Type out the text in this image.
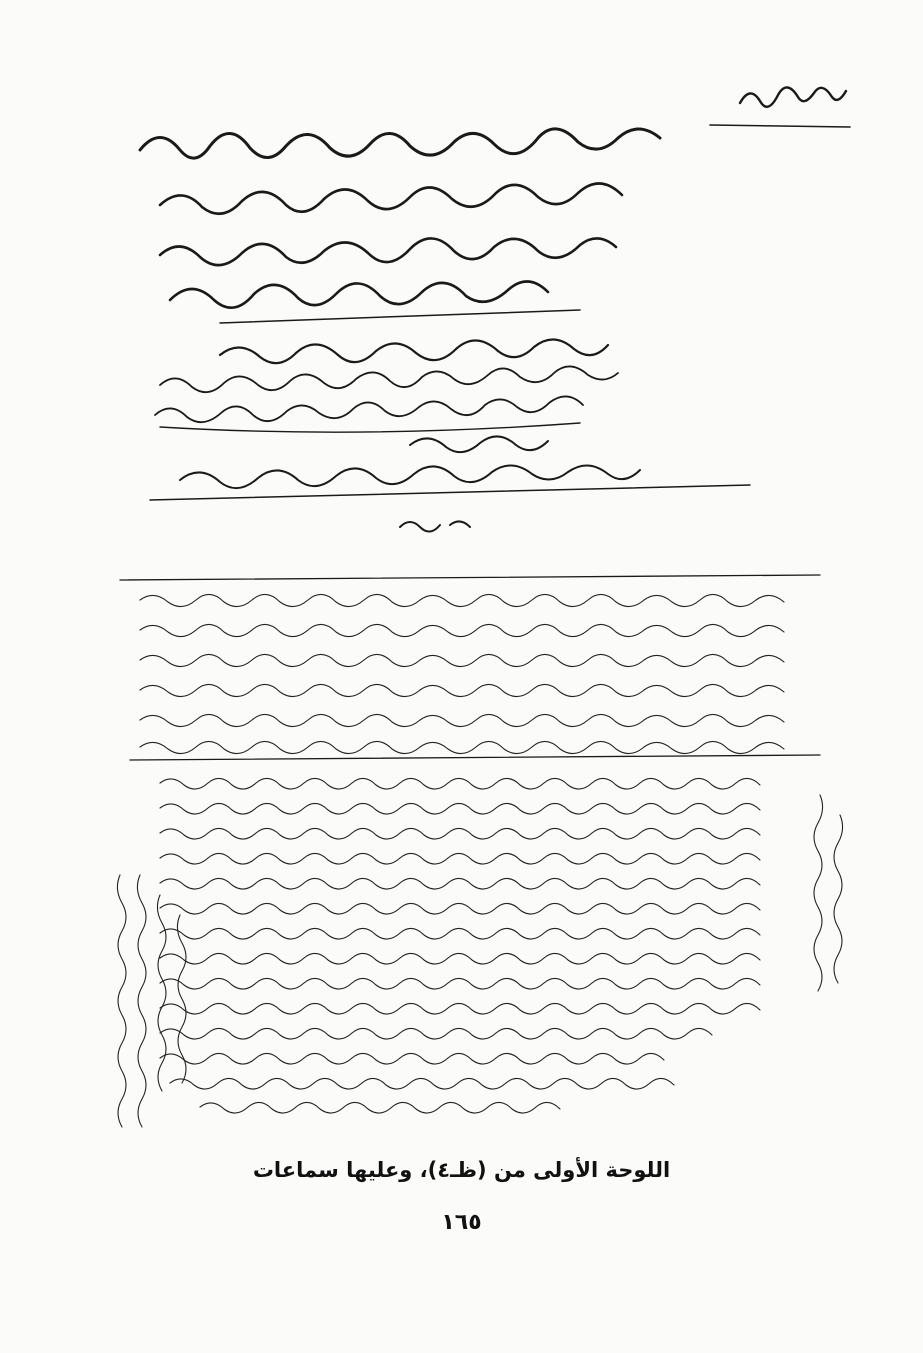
اللوحة الأولى من (ظـ٤)، وعليها سماعات
١٦٥
